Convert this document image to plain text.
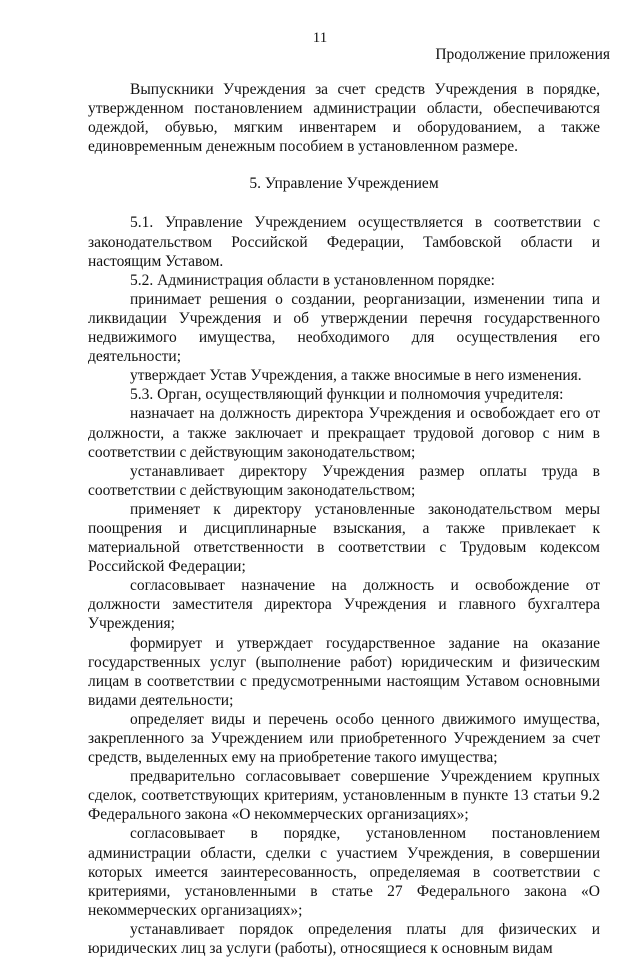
11
Продолжение приложения

Выпускники Учреждения за счет средств Учреждения в порядке, утвержденном постановлением администрации области, обеспечиваются одеждой, обувью, мягким инвентарем и оборудованием, а также единовременным денежным пособием в установленном размере.

5. Управление Учреждением

5.1. Управление Учреждением осуществляется в соответствии с законодательством Российской Федерации, Тамбовской области и настоящим Уставом.

5.2. Администрация области в установленном порядке:

принимает решения о создании, реорганизации, изменении типа и ликвидации Учреждения и об утверждении перечня государственного недвижимого имущества, необходимого для осуществления его деятельности;

утверждает Устав Учреждения, а также вносимые в него изменения.

5.3. Орган, осуществляющий функции и полномочия учредителя:

назначает на должность директора Учреждения и освобождает его от должности, а также заключает и прекращает трудовой договор с ним в соответствии с действующим законодательством;

устанавливает директору Учреждения размер оплаты труда в соответствии с действующим законодательством;

применяет к директору установленные законодательством меры поощрения и дисциплинарные взыскания, а также привлекает к материальной ответственности в соответствии с Трудовым кодексом Российской Федерации;

согласовывает назначение на должность и освобождение от должности заместителя директора Учреждения и главного бухгалтера Учреждения;

формирует и утверждает государственное задание на оказание государственных услуг (выполнение работ) юридическим и физическим лицам в соответствии с предусмотренными настоящим Уставом основными видами деятельности;

определяет виды и перечень особо ценного движимого имущества, закрепленного за Учреждением или приобретенного Учреждением за счет средств, выделенных ему на приобретение такого имущества;

предварительно согласовывает совершение Учреждением крупных сделок, соответствующих критериям, установленным в пункте 13 статьи 9.2 Федерального закона «О некоммерческих организациях»;

согласовывает в порядке, установленном постановлением администрации области, сделки с участием Учреждения, в совершении которых имеется заинтересованность, определяемая в соответствии с критериями, установленными в статье 27 Федерального закона «О некоммерческих организациях»;

устанавливает порядок определения платы для физических и юридических лиц за услуги (работы), относящиеся к основным видам
